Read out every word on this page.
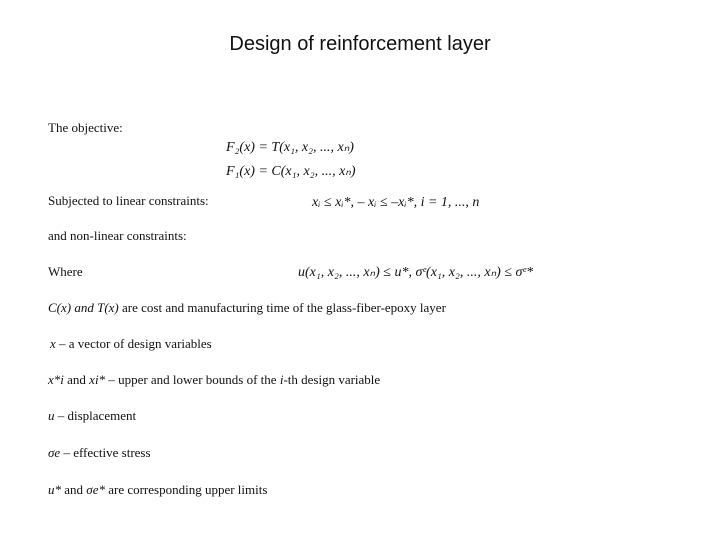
Design of reinforcement layer
The objective:
Subjected to linear constraints:
and non-linear constraints:
Where
F₂(x) = T(x₁, x₂, ..., xₙ)
F₁(x) = C(x₁, x₂, ..., xₙ)
xᵢ ≤ xᵢ*, – xᵢ ≤ –xᵢ*, i = 1, ..., n
u(x₁, x₂, ..., xₙ) ≤ u*, σᵉ(x₁, x₂, ..., xₙ) ≤ σᵉ*
C(x) and T(x) are cost and manufacturing time of the glass-fiber-epoxy layer
x – a vector of design variables
x*i and xi* – upper and lower bounds of the i-th design variable
u – displacement
σe – effective stress
u* and σe* are corresponding upper limits
